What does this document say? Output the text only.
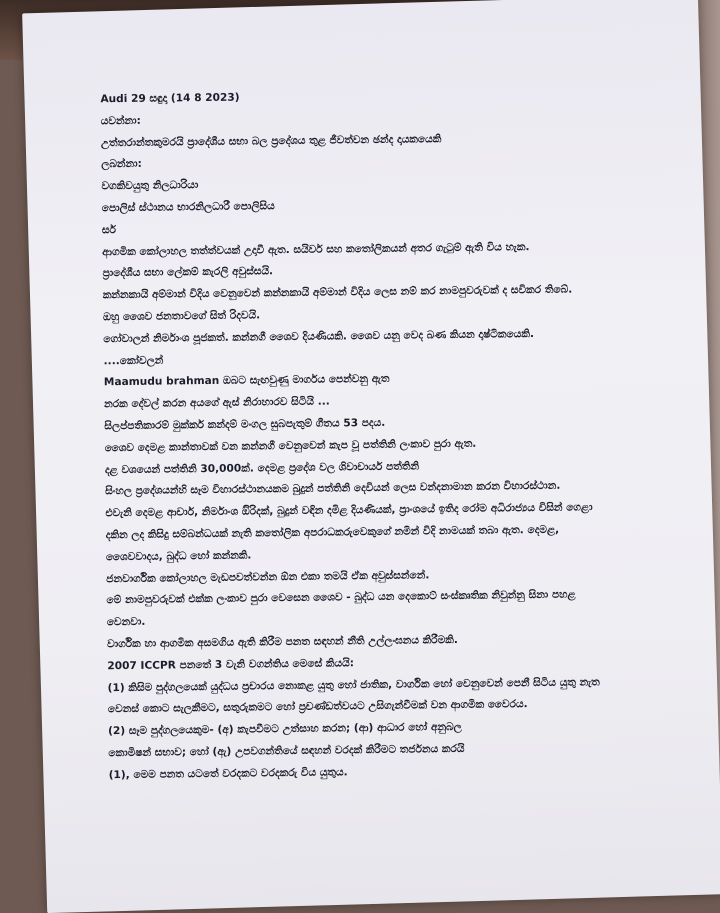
Audi 29 සඳුදා (14 8 2023)

යවන්නා:

උත්තරාන්තකුමරයි ප්‍රාදේශීය සභා බල ප්‍රදේශය තුළ ජීවත්වන ඡන්ද දායකයෙකි

ලබන්නා:

වගකිවයුතු නිලධාරියා

පොලිස් ස්ථානය භාරනිලධාරී පොලිසිය

සර්

ආගමික කෝලාහල තත්ත්වයක් උදාවී ඇත. සයිවර් සහ කතෝලිකයන් අතර ගැටුම් ඇති විය හැක.

ප්‍රාදේශීය සභා ලේකම් කැරලි අවුස්සයි.

කන්නකායි අම්මාන් විදිය වෙනුවෙන් කන්නකායි අම්මාන් විදිය ලෙස නම් කර නාමපුවරුවක් ද සවිකර තිබේ.

ඔහු ශෛව ජනතාවගේ සිත් රිදවයි.

ගෝවාලන් නිර්මාංශ පූජකත්. කන්නගී ශෛව දියණියකි. ශෛව යනු වෙද බණ කියන දාෂ්ටිකයෙකි.

....කෝවලන්

Maamudu brahman ඔබට සැඟවුණු මාර්ගය පෙන්වනු ඇත

නරක දේවල් කරන අයගේ ඇස් නිරාහාරව සිටියි ...

සිලප්පතිකාරම් මුක්කර් කන්දම් මංගල සුබපැතුම් ගීතය 53 පදය.

ශෛව දෙමළ කාන්තාවක් වන කන්නගී වෙනුවෙන් කැප වූ පත්තිනි ලංකාව පුරා ඇත.

දළ වශයෙන් පත්තිනි 30,000ක්. දෙමළ ප්‍රදේශ වල ශිවාචාර්ය පත්තිනි

සිංහල ප්‍රදේශයන්හි සෑම විහාරස්ථානයකම බුදුන් පත්තිනි දෙවියන් ලෙස වන්දනාමාන කරන විහාරස්ථාන.

එවැනි දෙමළ ආචාර්, නිර්මාංශ ඔිරිදක්, බුදුන් වඳින දමිළ දියණියක්, ප්‍රාංශයේ ඉතිද රෝම අධිරාජ්‍යය විසින් ගෙළා

දකින ලද කිසිදු සම්බන්ධයක් නැති කතෝලික අපරාධකරුවෙකුගේ නමින් විදි නාමයක් තබා ඇත. දෙමළ,

ශෛවවාදය, බුද්ධ හෝ කන්නකි.

ජනවාර්ගික කෝලාහල මැඩපවත්වන්න ඕන එකා තමයි ඒක අවුස්සන්නේ.

මේ නාමපුවරුවක් එක්ක ලංකාව පුරා වෙසෙන ශෛව - බුද්ධ යන දෙකොට් සංස්කෘතික නිවුන්නු සිනා පහළ

වෙනවා.

වාර්ගික හා ආගමික අසමගිය ඇති කිරීම පනත සඳහන් නීති උල්ලංඝනය කිරීමකි.

2007 ICCPR පනතේ 3 වැනි වගන්තිය මෙසේ කියයි:

(1) කිසිම පුද්ගලයෙක් යුද්ධය ප්‍රචාරය නොකළ යුතු හෝ ජාතික, වාර්ගික හෝ වෙනුවෙන් පෙනී සිටිය යුතු නැත

වෙනස් කොට සැලකීමට, සතුරුකමට හෝ ප්‍රචණ්ඩත්වයට උසිගැන්වීමක් වන ආගමික වෛරය.

(2) සෑම පුද්ගලයෙකුම- (අ) කැපවීමට උත්සාහ කරන; (ආ) ආධාර හෝ අනුබල

කොමිෂන් සභාව; හෝ (ඇ) උපවගන්තියේ සඳහන් වරදක් කිරීමට තර්ජනය කරයි

(1), මෙම පනත යටතේ වරදකට වරදකරු විය යුතුය.
